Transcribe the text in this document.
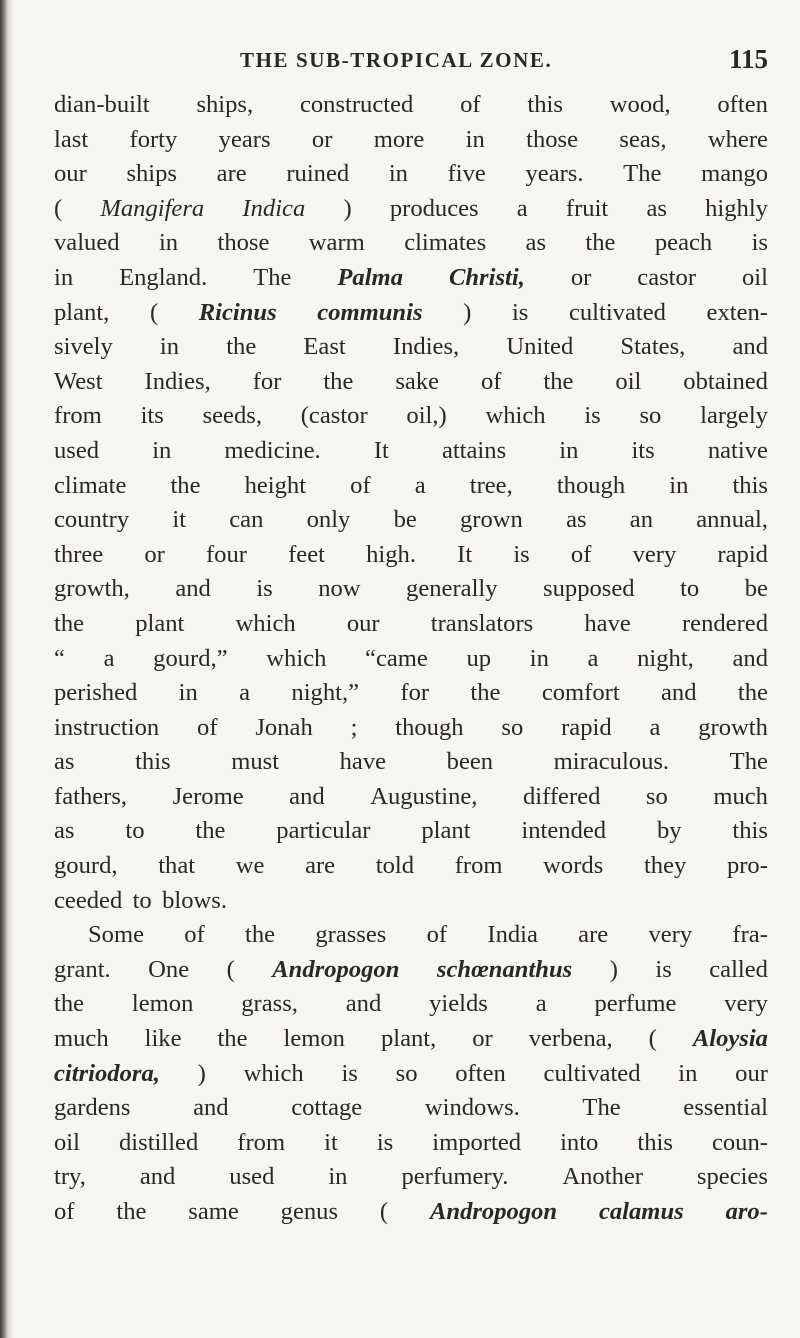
THE SUB-TROPICAL ZONE.	115
dian-built ships, constructed of this wood, often
last forty years or more in those seas, where
our ships are ruined in five years. The mango
( Mangifera Indica ) produces a fruit as highly
valued in those warm climates as the peach is
in England. The Palma Christi, or castor oil
plant, ( Ricinus communis ) is cultivated exten-
sively in the East Indies, United States, and
West Indies, for the sake of the oil obtained
from its seeds, (castor oil,) which is so largely
used in medicine. It attains in its native
climate the height of a tree, though in this
country it can only be grown as an annual,
three or four feet high. It is of very rapid
growth, and is now generally supposed to be
the plant which our translators have rendered
“ a gourd,” which “came up in a night, and
perished in a night,” for the comfort and the
instruction of Jonah ; though so rapid a growth
as this must have been miraculous. The
fathers, Jerome and Augustine, differed so much
as to the particular plant intended by this
gourd, that we are told from words they pro-
ceeded to blows.
Some of the grasses of India are very fra-
grant. One ( Andropogon schœnanthus ) is called
the lemon grass, and yields a perfume very
much like the lemon plant, or verbena, ( Aloysia
citriodora, ) which is so often cultivated in our
gardens	and	cottage	windows.	The	essential
oil distilled from it is imported into this coun-
try, and used in perfumery. Another species
of the same genus ( Andropogon calamus aro-
